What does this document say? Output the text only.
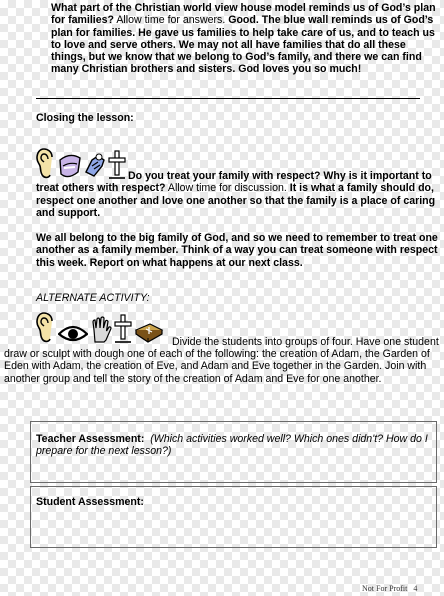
What part of the Christian world view house model reminds us of God’s plan for families? Allow time for answers. Good. The blue wall reminds us of God’s plan for families. He gave us families to help take care of us, and to teach us to love and serve others. We may not all have families that do all these things, but we know that we belong to God’s family, and there we can find many Christian brothers and sisters. God loves you so much!
Closing the lesson:
Do you treat your family with respect? Why is it important to treat others with respect? Allow time for discussion. It is what a family should do, respect one another and love one another so that the family is a place of caring and support.
We all belong to the big family of God, and so we need to remember to treat one another as a family member. Think of a way you can treat someone with respect this week. Report on what happens at our next class.
ALTERNATE ACTIVITY:
Divide the students into groups of four. Have one student
draw or sculpt with dough one of each of the following: the creation of Adam, the Garden of Eden with Adam, the creation of Eve, and Adam and Eve together in the Garden. Join with another group and tell the story of the creation of Adam and Eve for one another.
Teacher Assessment: (Which activities worked well? Which ones didn't? How do I prepare for the next lesson?)
Student Assessment:
Not For Profit 4
